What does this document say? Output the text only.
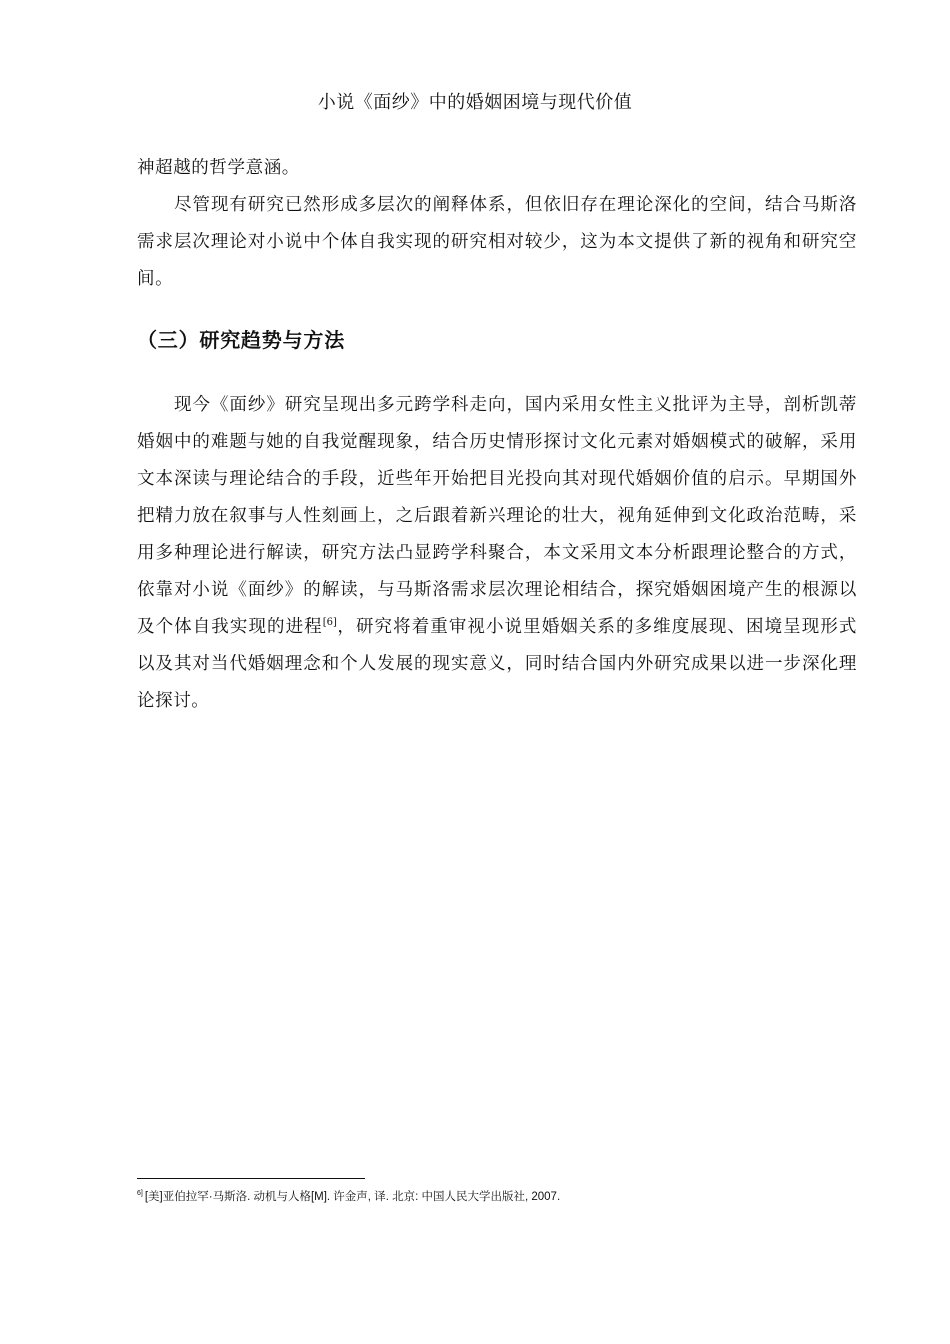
小说《面纱》中的婚姻困境与现代价值

神超越的哲学意涵。

尽管现有研究已然形成多层次的阐释体系，但依旧存在理论深化的空间，结合马斯洛需求层次理论对小说中个体自我实现的研究相对较少，这为本文提供了新的视角和研究空间。

（三）研究趋势与方法

现今《面纱》研究呈现出多元跨学科走向，国内采用女性主义批评为主导，剖析凯蒂婚姻中的难题与她的自我觉醒现象，结合历史情形探讨文化元素对婚姻模式的破解，采用文本深读与理论结合的手段，近些年开始把目光投向其对现代婚姻价值的启示。早期国外把精力放在叙事与人性刻画上，之后跟着新兴理论的壮大，视角延伸到文化政治范畴，采用多种理论进行解读，研究方法凸显跨学科聚合，本文采用文本分析跟理论整合的方式，依靠对小说《面纱》的解读，与马斯洛需求层次理论相结合，探究婚姻困境产生的根源以及个体自我实现的进程[6]，研究将着重审视小说里婚姻关系的多维度展现、困境呈现形式以及其对当代婚姻理念和个人发展的现实意义，同时结合国内外研究成果以进一步深化理论探讨。

$^{6]}$ [美]亚伯拉罕·马斯洛. 动机与人格[M]. 许金声, 译. 北京: 中国人民大学出版社, 2007.
